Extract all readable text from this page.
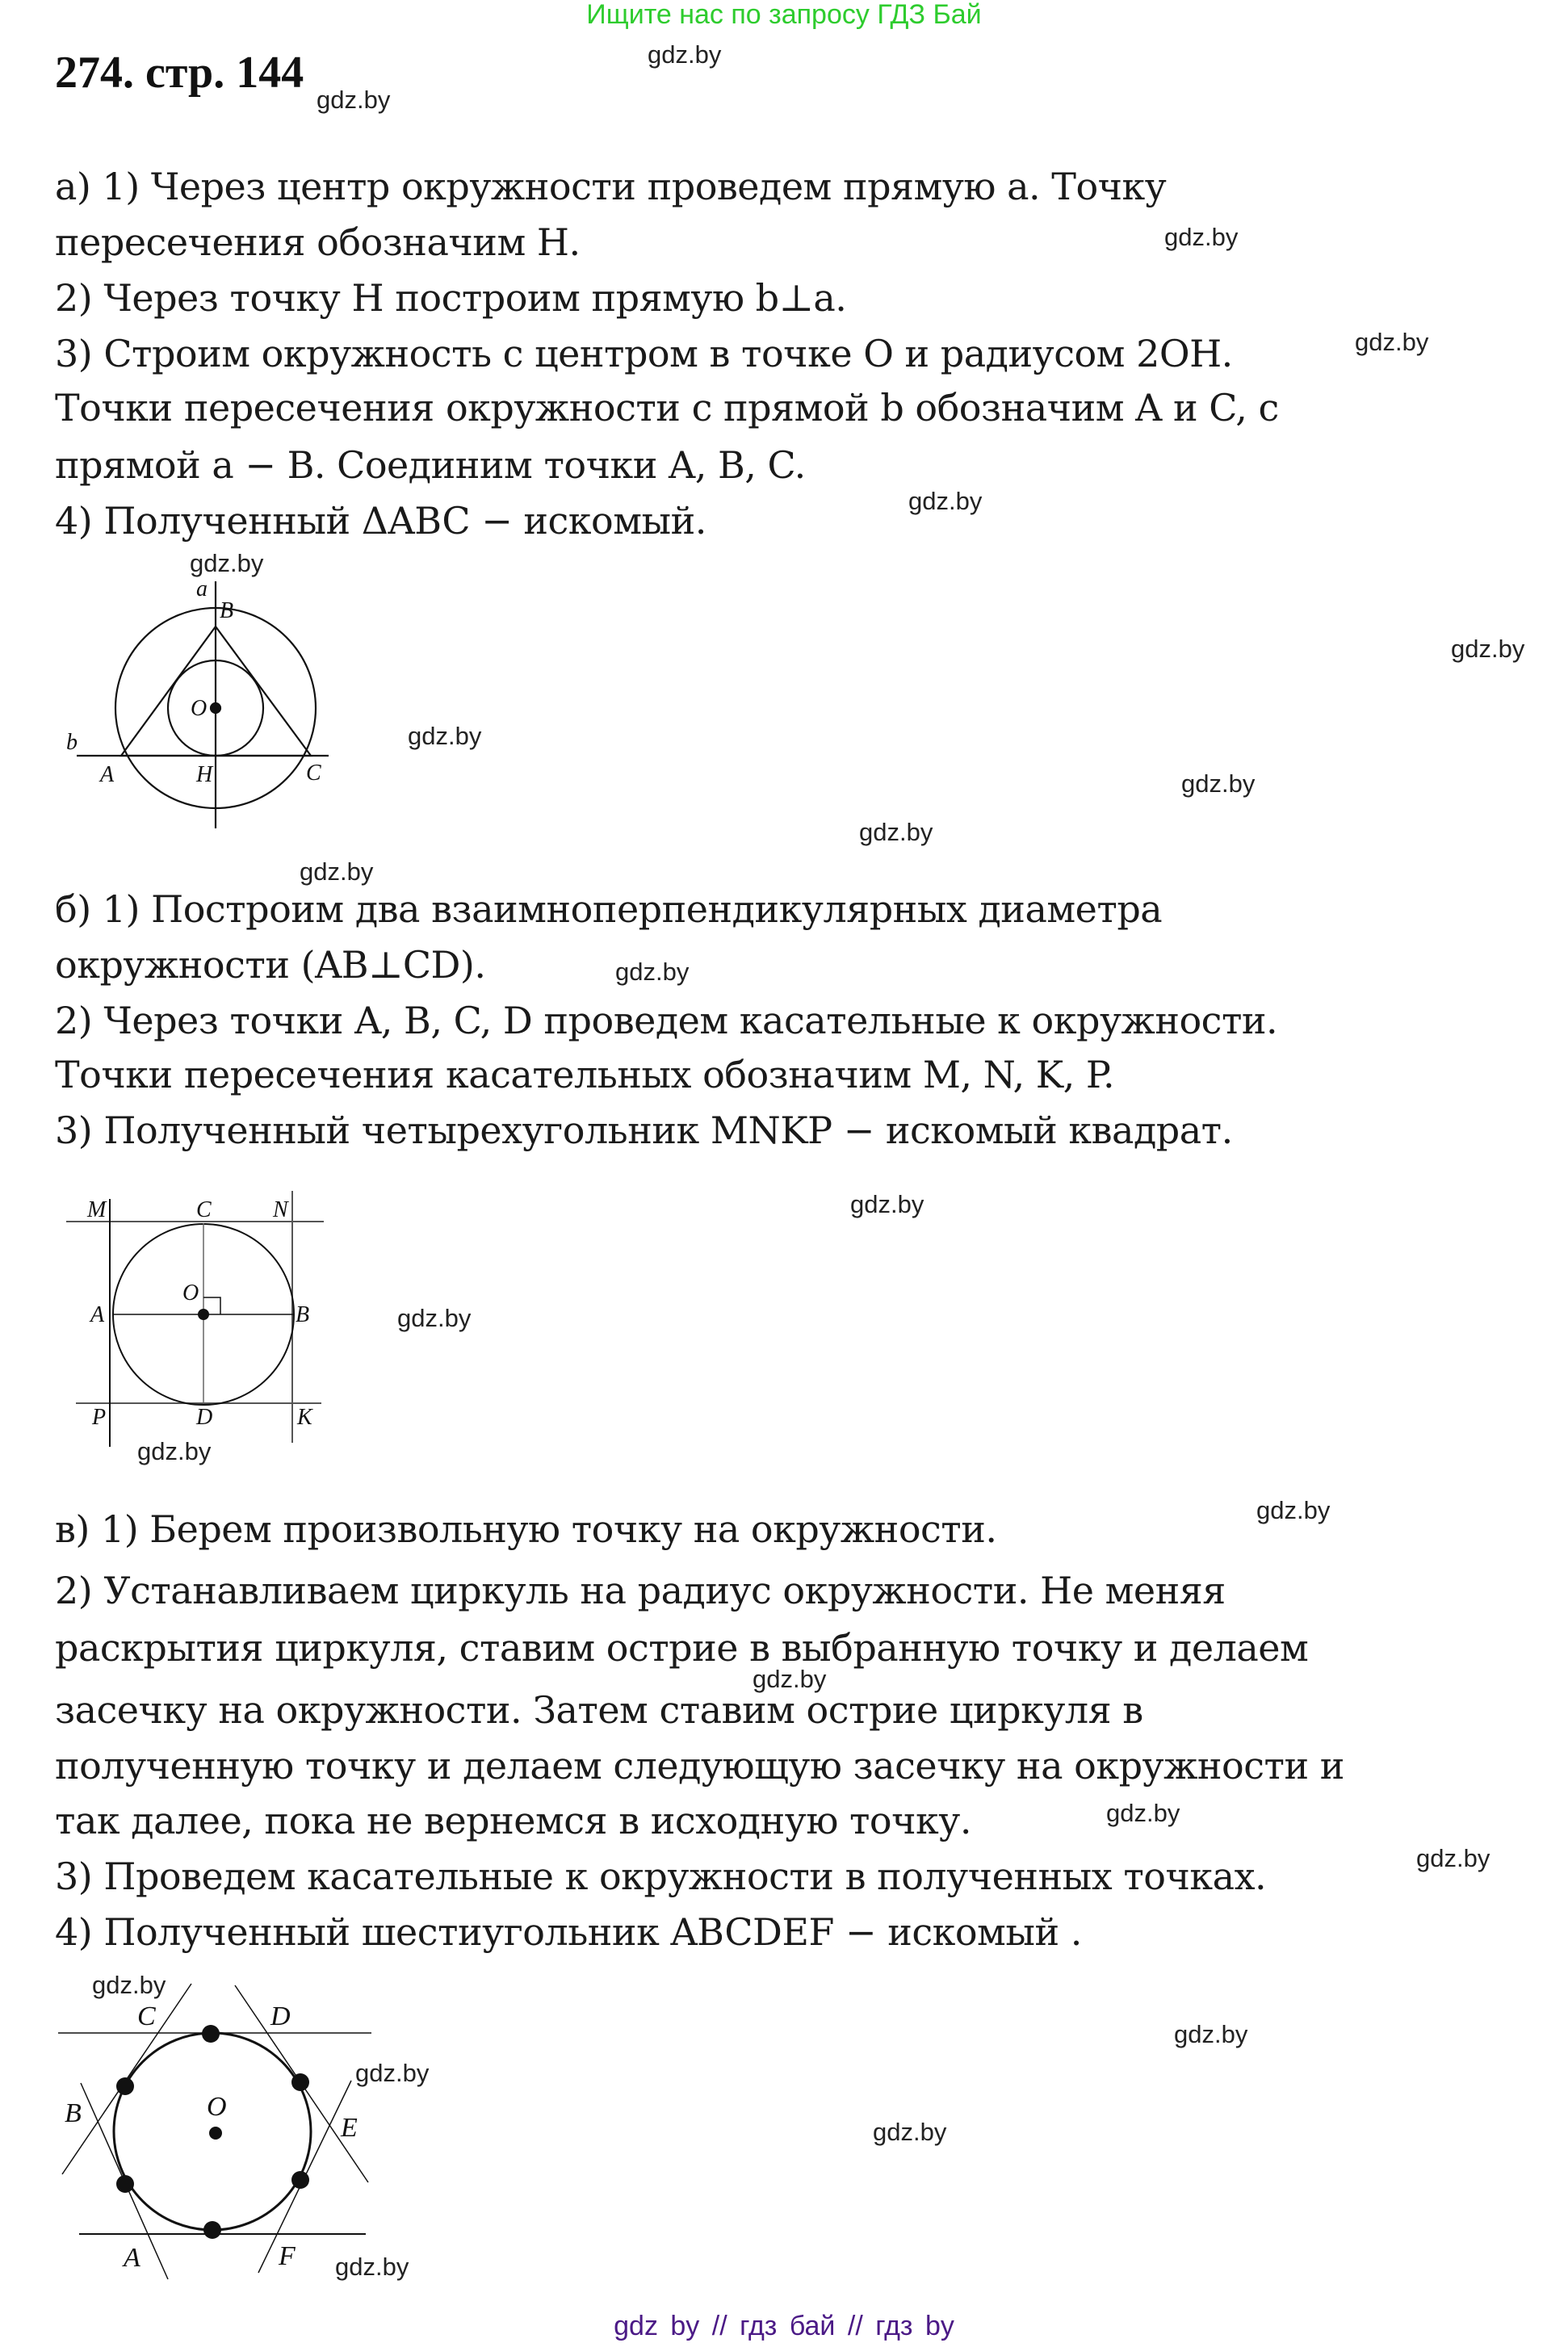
Ищите нас по запросу ГДЗ Бай
274. стр. 144
а) 1) Через центр окружности проведем прямую a. Точку
пересечения обозначим H.
2) Через точку H построим прямую b⊥a.
3) Строим окружность с центром в точке O и радиусом 2OH.
Точки пересечения окружности с прямой b обозначим A и C, с
прямой a − B. Соединим точки A, B, C.
4) Полученный ΔABC − искомый.
б) 1) Построим два взаимноперпендикулярных диаметра
окружности (AB⊥CD).
2) Через точки A, B, C, D проведем касательные к окружности.
Точки пересечения касательных обозначим M, N, K, P.
3) Полученный четырехугольник MNKP − искомый квадрат.
в) 1) Берем произвольную точку на окружности.
2) Устанавливаем циркуль на радиус окружности. Не меняя
раскрытия циркуля, ставим острие в выбранную точку и делаем
засечку на окружности. Затем ставим острие циркуля в
полученную точку и делаем следующую засечку на окружности и
так далее, пока не вернемся в исходную точку.
3) Проведем касательные к окружности в полученных точках.
4) Полученный шестиугольник ABCDEF − искомый .
a
B
O
b
A	H	C
M	C	N
O
A	B
P	D	K
C	D
B	O
E
A	F
gdz.by
gdz.by
gdz.by
gdz.by
gdz.by
gdz.by
gdz.by
gdz.by
gdz.by
gdz.by
gdz.by
gdz.by
gdz.by
gdz.by
gdz.by
gdz.by
gdz.by
gdz.by
gdz.by
gdz.by
gdz.by
gdz.by
gdz.by
gdz.by
gdz by // гдз бай // гдз by
